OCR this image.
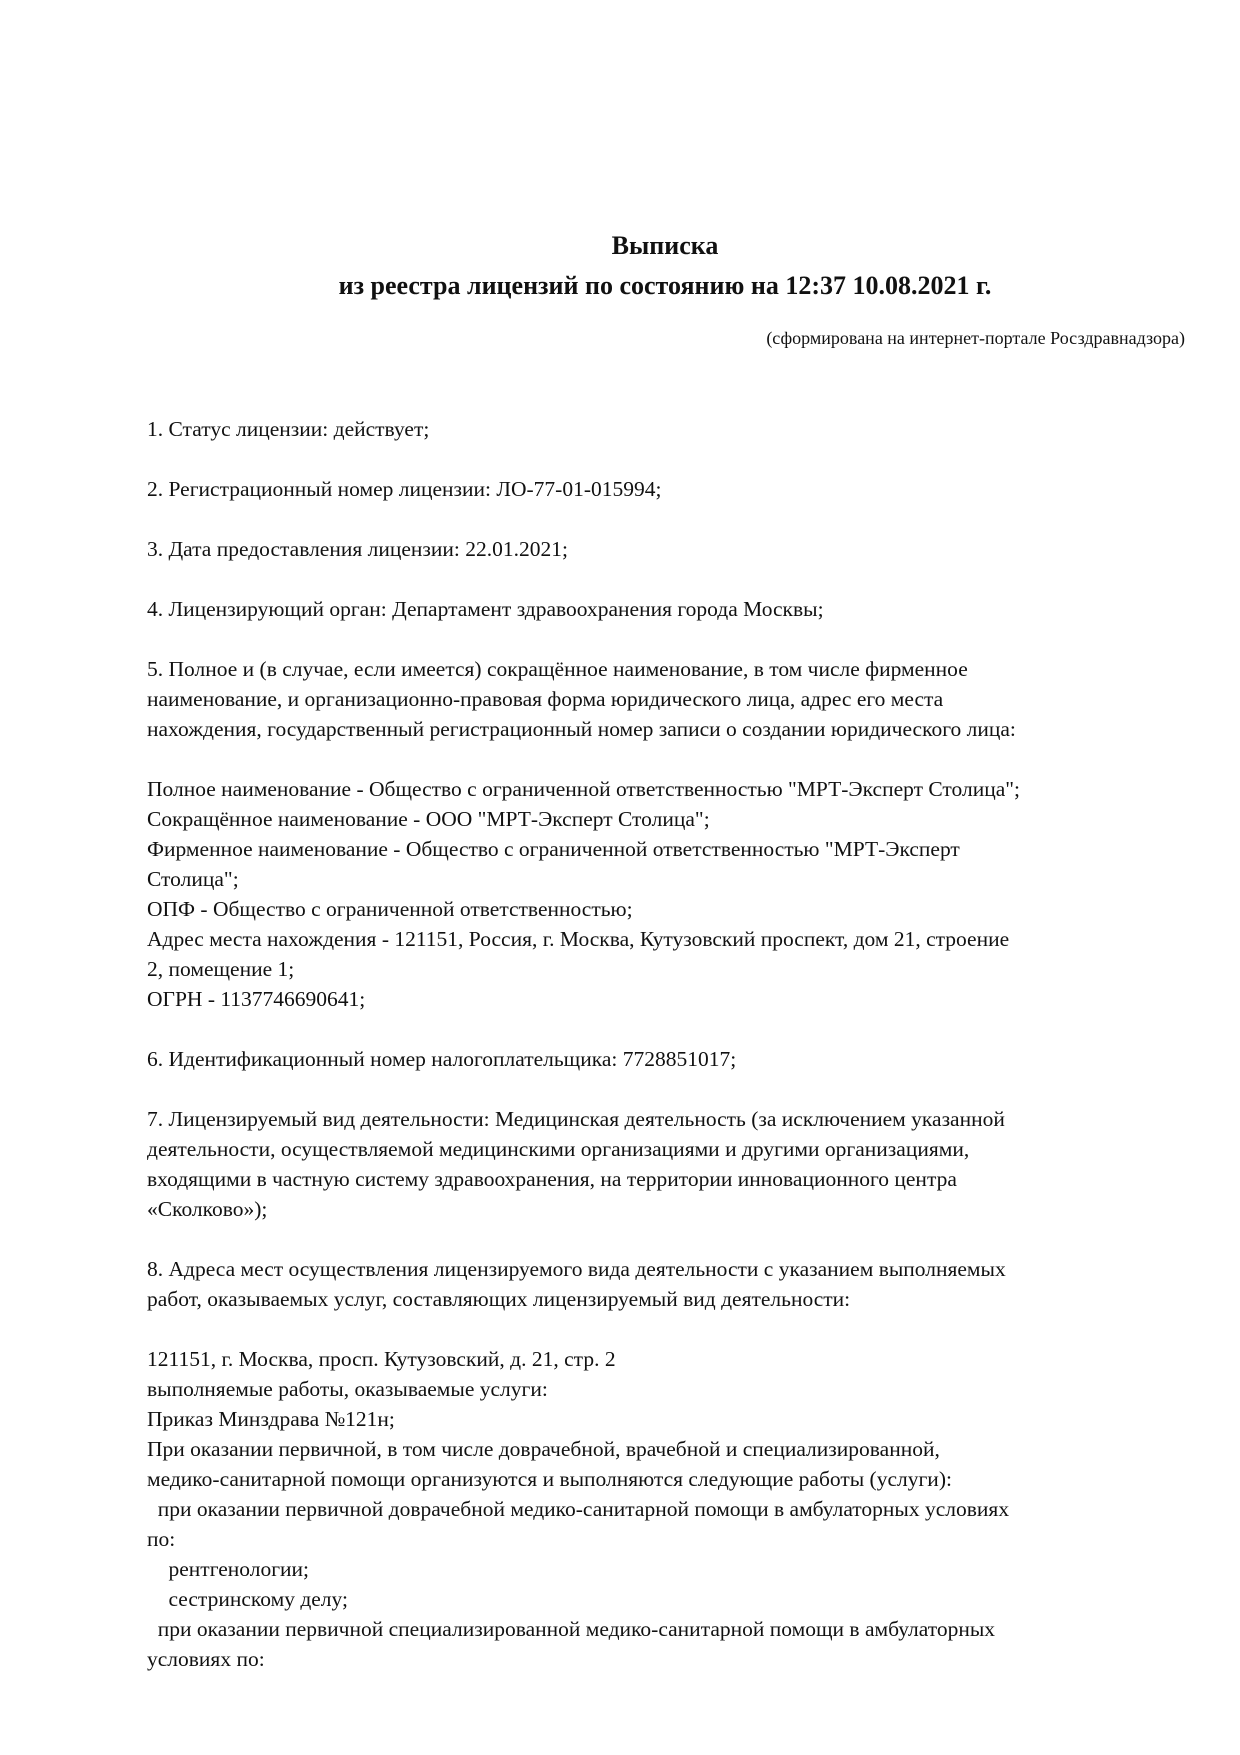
Выписка
из реестра лицензий по состоянию на 12:37 10.08.2021 г.
(сформирована на интернет-портале Росздравнадзора)
1. Статус лицензии: действует;
2. Регистрационный номер лицензии: ЛО-77-01-015994;
3. Дата предоставления лицензии: 22.01.2021;
4. Лицензирующий орган: Департамент здравоохранения города Москвы;
5. Полное и (в случае, если имеется) сокращённое наименование, в том числе фирменное
наименование, и организационно-правовая форма юридического лица, адрес его места
нахождения, государственный регистрационный номер записи о создании юридического лица:
Полное наименование - Общество с ограниченной ответственностью "МРТ-Эксперт Столица";
Сокращённое наименование - ООО "МРТ-Эксперт Столица";
Фирменное наименование - Общество с ограниченной ответственностью "МРТ-Эксперт
Столица";
ОПФ - Общество с ограниченной ответственностью;
Адрес места нахождения - 121151, Россия, г. Москва, Кутузовский проспект, дом 21, строение
2, помещение 1;
ОГРН - 1137746690641;
6. Идентификационный номер налогоплательщика: 7728851017;
7. Лицензируемый вид деятельности: Медицинская деятельность (за исключением указанной
деятельности, осуществляемой медицинскими организациями и другими организациями,
входящими в частную систему здравоохранения, на территории инновационного центра
«Сколково»);
8. Адреса мест осуществления лицензируемого вида деятельности с указанием выполняемых
работ, оказываемых услуг, составляющих лицензируемый вид деятельности:
121151, г. Москва, просп. Кутузовский, д. 21, стр. 2
выполняемые работы, оказываемые услуги:
Приказ Минздрава №121н;
При оказании первичной, в том числе доврачебной, врачебной и специализированной,
медико-санитарной помощи организуются и выполняются следующие работы (услуги):
при оказании первичной доврачебной медико-санитарной помощи в амбулаторных условиях
по:
рентгенологии;
сестринскому делу;
при оказании первичной специализированной медико-санитарной помощи в амбулаторных
условиях по:
